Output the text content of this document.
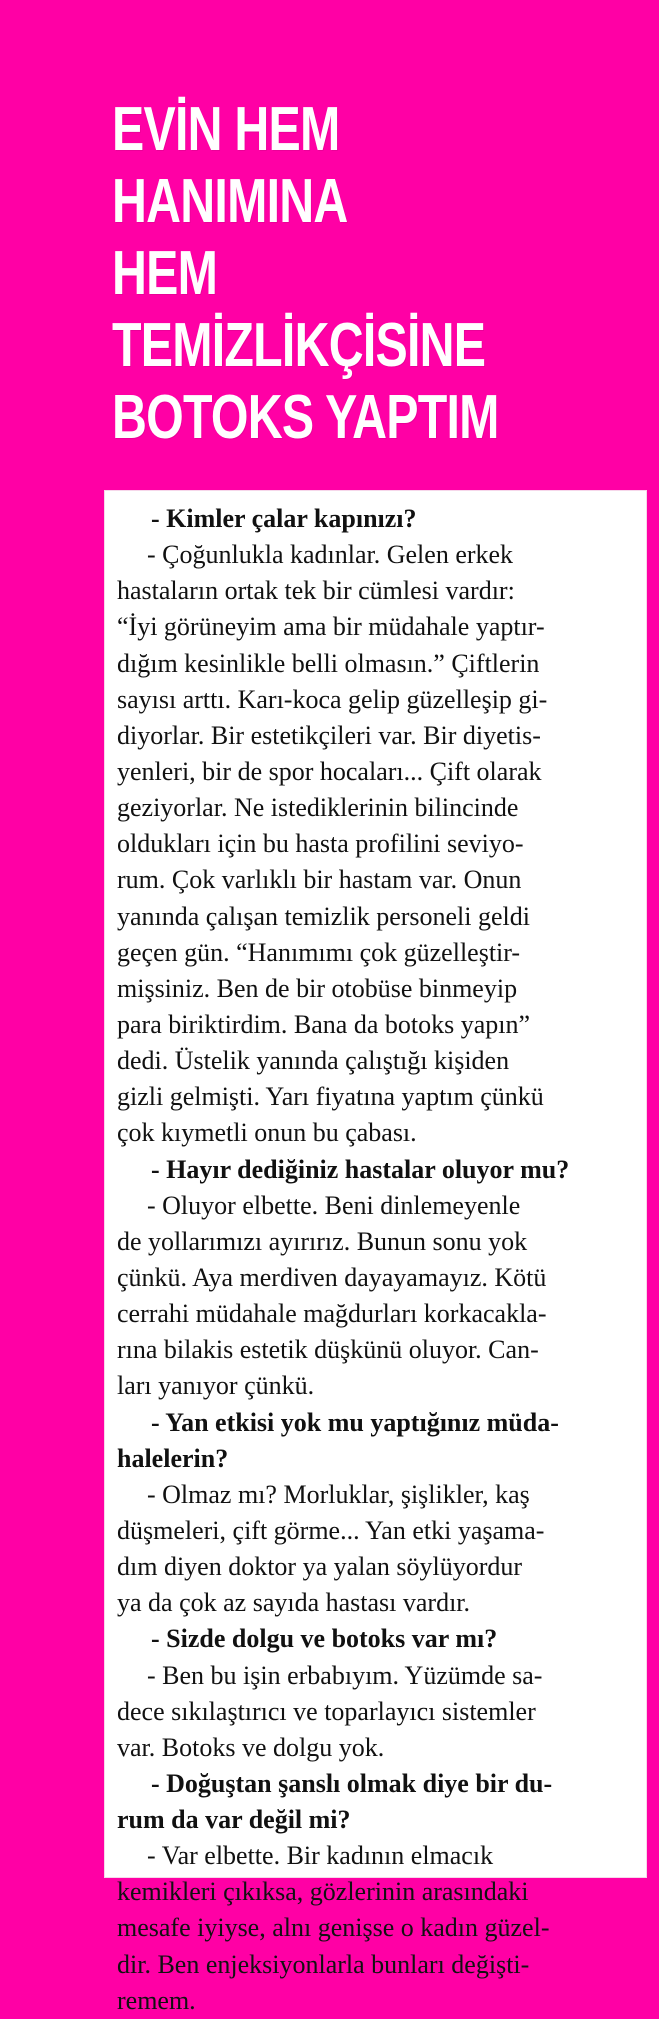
EVİN HEM
HANIMINA
HEM
TEMİZLİKÇİSİNE
BOTOKS YAPTIM
- Kimler çalar kapınızı?
- Çoğunlukla kadınlar. Gelen erkek
hastaların ortak tek bir cümlesi vardır:
“İyi görüneyim ama bir müdahale yaptır-
dığım kesinlikle belli olmasın.” Çiftlerin
sayısı arttı. Karı-koca gelip güzelleşip gi-
diyorlar. Bir estetikçileri var. Bir diyetis-
yenleri, bir de spor hocaları... Çift olarak
geziyorlar. Ne istediklerinin bilincinde
oldukları için bu hasta profilini seviyo-
rum. Çok varlıklı bir hastam var. Onun
yanında çalışan temizlik personeli geldi
geçen gün. “Hanımımı çok güzelleştir-
mişsiniz. Ben de bir otobüse binmeyip
para biriktirdim. Bana da botoks yapın”
dedi. Üstelik yanında çalıştığı kişiden
gizli gelmişti. Yarı fiyatına yaptım çünkü
çok kıymetli onun bu çabası.
- Hayır dediğiniz hastalar oluyor mu?
- Oluyor elbette. Beni dinlemeyenle
de yollarımızı ayırırız. Bunun sonu yok
çünkü. Aya merdiven dayayamayız. Kötü
cerrahi müdahale mağdurları korkacakla-
rına bilakis estetik düşkünü oluyor. Can-
ları yanıyor çünkü.
- Yan etkisi yok mu yaptığınız müda-
halelerin?
- Olmaz mı? Morluklar, şişlikler, kaş
düşmeleri, çift görme... Yan etki yaşama-
dım diyen doktor ya yalan söylüyordur
ya da çok az sayıda hastası vardır.
- Sizde dolgu ve botoks var mı?
- Ben bu işin erbabıyım. Yüzümde sa-
dece sıkılaştırıcı ve toparlayıcı sistemler
var. Botoks ve dolgu yok.
- Doğuştan şanslı olmak diye bir du-
rum da var değil mi?
- Var elbette. Bir kadının elmacık
kemikleri çıkıksa, gözlerinin arasındaki
mesafe iyiyse, alnı genişse o kadın güzel-
dir. Ben enjeksiyonlarla bunları değişti-
remem.
